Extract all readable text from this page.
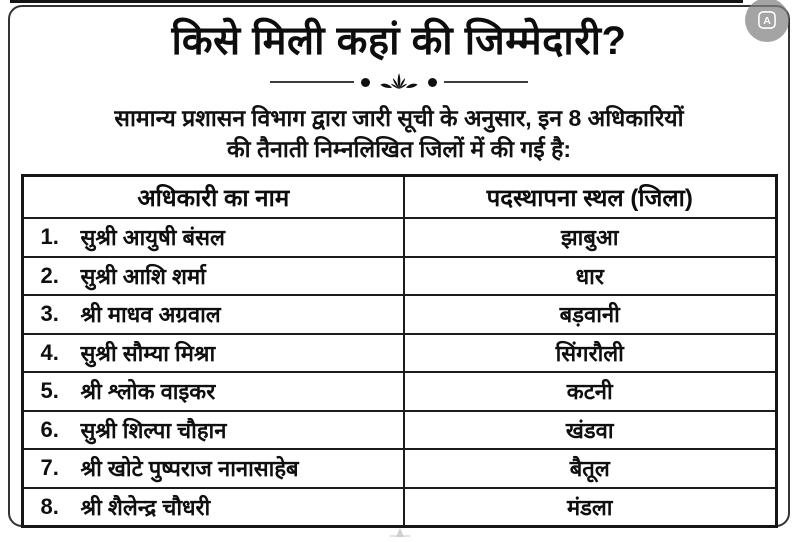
किसे मिली कहां की जिम्मेदारी?
सामान्य प्रशासन विभाग द्वारा जारी सूची के अनुसार, इन 8 अधिकारियों
की तैनाती निम्नलिखित जिलों में की गई है:
अधिकारी का नाम	पदस्थापना स्थल (जिला)
1. सुश्री आयुषी बंसल	झाबुआ
2. सुश्री आशि शर्मा	धार
3. श्री माधव अग्रवाल	बड़वानी
4. सुश्री सौम्या मिश्रा	सिंगरौली
5. श्री श्लोक वाइकर	कटनी
6. सुश्री शिल्पा चौहान	खंडवा
7. श्री खोटे पुष्पराज नानासाहेब	बैतूल
8. श्री शैलेन्द्र चौधरी	मंडला
A
